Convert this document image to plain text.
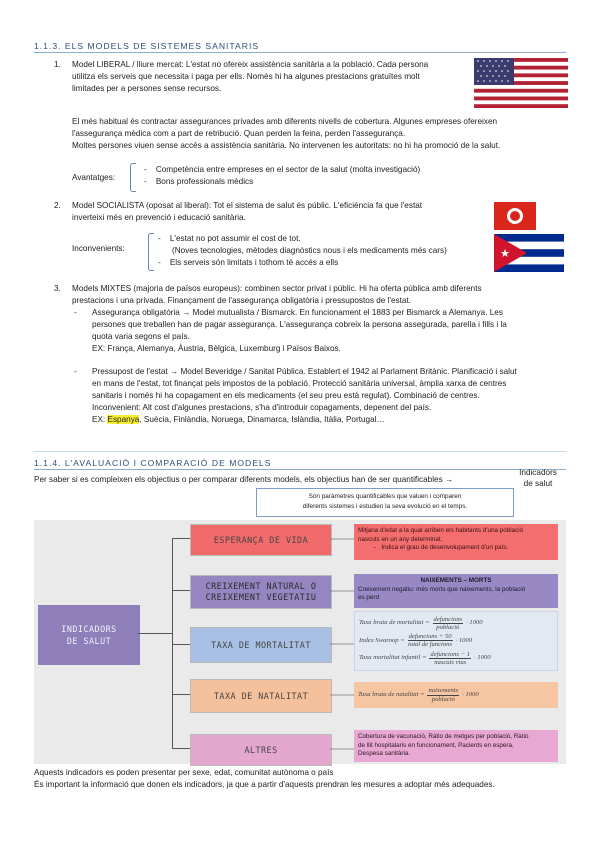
1.1.3. ELS MODELS DE SISTEMES SANITARIS
1. Model LIBERAL / lliure mercat: L'estat no ofereix assistència sanitària a la població. Cada persona
utilitza els serveis que necessita i paga per ells. Només hi ha algunes prestacions gratuïtes molt
limitades per a persones sense recursos.
El més habitual és contractar assegurances privades amb diferents nivells de cobertura. Algunes empreses ofereixen
l'assegurança mèdica com a part de retribució. Quan perden la feina, perden l'assegurança.
Moltes persones viuen sense accés a assistència sanitària. No intervenen les autoritats: no hi ha promoció de la salut.
Avantatges:
-    Competència entre empreses en el sector de la salut (molta investigació)
-    Bons professionals mèdics
2. Model SOCIALISTA (oposat al liberal): Tot el sistema de salut és públic. L'eficiència fa que l'estat
inverteixi més en prevenció i educació sanitària.
Inconvenients:
-    L'estat no pot assumir el cost de tot.
(Noves tecnologies, mètodes diagnòstics nous i els medicaments més cars)
-    Els serveis són limitats i tothom té accés a ells
3. Models MIXTES (majoria de països europeus): combinen sector privat i públic. Hi ha oferta pública amb diferents
prestacions i una privada. Finançament de l'assegurança obligatòria i pressupostos de l'estat.
- Assegurança obligatòria → Model mutualista / Bismarck. En funcionament el 1883 per Bismarck a Alemanya. Les
persones que treballen han de pagar assegurança. L'assegurança cobreix la persona assegurada, parella i fills i la
quota varia segons el país.
EX: França, Alemanya, Àustria, Bèlgica, Luxemburg i Països Baixos.
- Pressupost de l'estat → Model Beveridge / Sanitat Pública. Establert el 1942 al Parlament Britànic. Planificació i salut
en mans de l'estat, tot finançat pels impostos de la població. Protecció sanitària universal, àmplia xarxa de centres
sanitaris i només hi ha copagament en els medicaments (el seu preu està regulat). Combinació de centres.
Inconvenient: Alt cost d'algunes prestacions, s'ha d'introduir copagaments, depenent del país.
EX: Espanya, Suècia, Finlàndia, Noruega, Dinamarca, Islàndia, Itàlia, Portugal…
1.1.4. L'AVALUACIÓ I COMPARACIÓ DE MODELS
Per saber si es compleixen els objectius o per comparar diferents models, els objectius han de ser quantificables →
Indicadors
de salut
Són paràmetres quantificables que valuen i comparen
diferents sistemes i estudien la seva evolució en el temps.
INDICADORS
DE SALUT
ESPERANÇA DE VIDA
CREIXEMENT NATURAL O CREIXEMENT VEGETATIU
TAXA DE MORTALITAT
TAXA DE NATALITAT
ALTRES
Mitjana d'edat a la qual arriben els habitants d'una població
nascuts en un any determinat.
-   Indica el grau de desenvolupament d'un país.
NAIXEMENTS – MORTS
Creixement negatiu: més morts que naixements, la població
es perd
Taxa bruta de mortalitat = $\frac{\text{defuncions}}{\text{població}} \cdot 1000$
Index Swaroop = $\frac{\text{defuncions + 50}}{\text{total de funcions}} \cdot 1000$
Taxa mortalitat infantil = $\frac{\text{defuncions − 1}}{\text{nascuts vius}} \cdot 1000$
Taxa bruta de natalitat = $\frac{\text{naixements}}{\text{població}} \cdot 1000$
Cobertura de vacunació, Ràtio de metges per població, Ràtio
de llit hospitalaris en funcionament, Pacients en espera,
Despesa sanitària.
Aquests indicadors es poden presentar per sexe, edat, comunitat autònoma o país
És important la informació que donen els indicadors, ja que a partir d'aquests prendran les mesures a adoptar més adequades.
